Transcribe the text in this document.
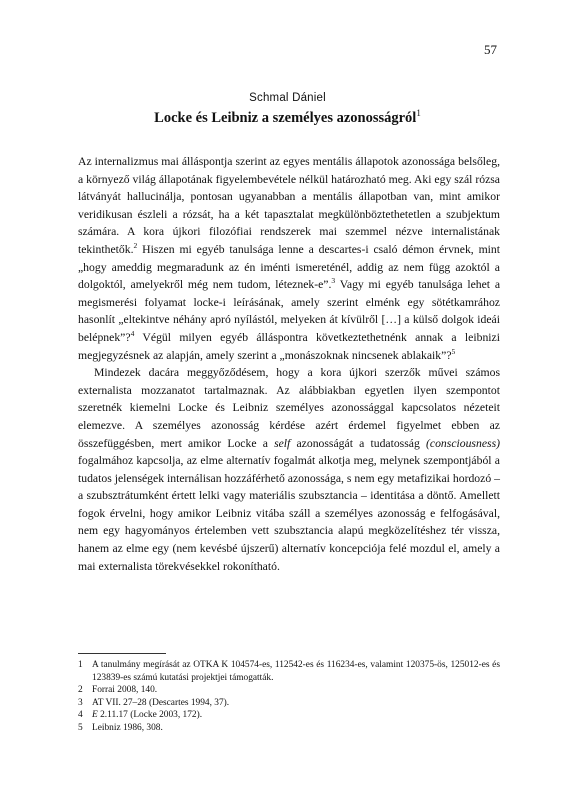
57
Schmal Dániel
Locke és Leibniz a személyes azonosságról$^1$

Az internalizmus mai álláspontja szerint az egyes mentális állapotok azonossága belsőleg, a környező világ állapotának figyelembevétele nélkül határozható meg. Aki egy szál rózsa látványát hallucinálja, pontosan ugyanabban a mentális állapotban van, mint amikor veridikusan észleli a rózsát, ha a két tapasztalat megkülönböztethetetlen a szubjektum számára. A kora újkori filozófiai rendszerek mai szemmel nézve internalistának tekinthetők.$^2$ Hiszen mi egyéb tanulsága lenne a descartes-i csaló démon érvnek, mint „hogy ameddig megmaradunk az én iménti ismereténél, addig az nem függ azoktól a dolgoktól, amelyekről még nem tudom, léteznek-e”.$^3$ Vagy mi egyéb tanulsága lehet a megismerési folyamat locke-i leírásának, amely szerint elménk egy sötétkamrához hasonlít „eltekintve néhány apró nyílástól, melyeken át kívülről […] a külső dolgok ideái belépnek”?$^4$ Végül milyen egyéb álláspontra következtethetnénk annak a leibnizi megjegyzésnek az alapján, amely szerint a „monászoknak nincsenek ablakaik”?$^5$

Mindezek dacára meggyőződésem, hogy a kora újkori szerzők művei számos externalista mozzanatot tartalmaznak. Az alábbiakban egyetlen ilyen szempontot szeretnék kiemelni Locke és Leibniz személyes azonossággal kapcsolatos nézeteit elemezve. A személyes azonosság kérdése azért érdemel figyelmet ebben az összefüggésben, mert amikor Locke a self azonosságát a tudatosság (consciousness) fogalmához kapcsolja, az elme alternatív fogalmát alkotja meg, melynek szempontjából a tudatos jelenségek internálisan hozzáférhető azonossága, s nem egy metafizikai hordozó – a szubsztrátumként értett lelki vagy materiális szubsztancia – identitása a döntő. Amellett fogok érvelni, hogy amikor Leibniz vitába száll a személyes azonosság e felfogásával, nem egy hagyományos értelemben vett szubsztancia alapú megközelítéshez tér vissza, hanem az elme egy (nem kevésbé újszerű) alternatív koncepciója felé mozdul el, amely a mai externalista törekvésekkel rokonítható.

1 A tanulmány megírását az OTKA K 104574-es, 112542-es és 116234-es, valamint 120375-ös, 125012-es és 123839-es számú kutatási projektjei támogatták.
2 Forrai 2008, 140.
3 AT VII. 27–28 (Descartes 1994, 37).
4 E 2.11.17 (Locke 2003, 172).
5 Leibniz 1986, 308.
